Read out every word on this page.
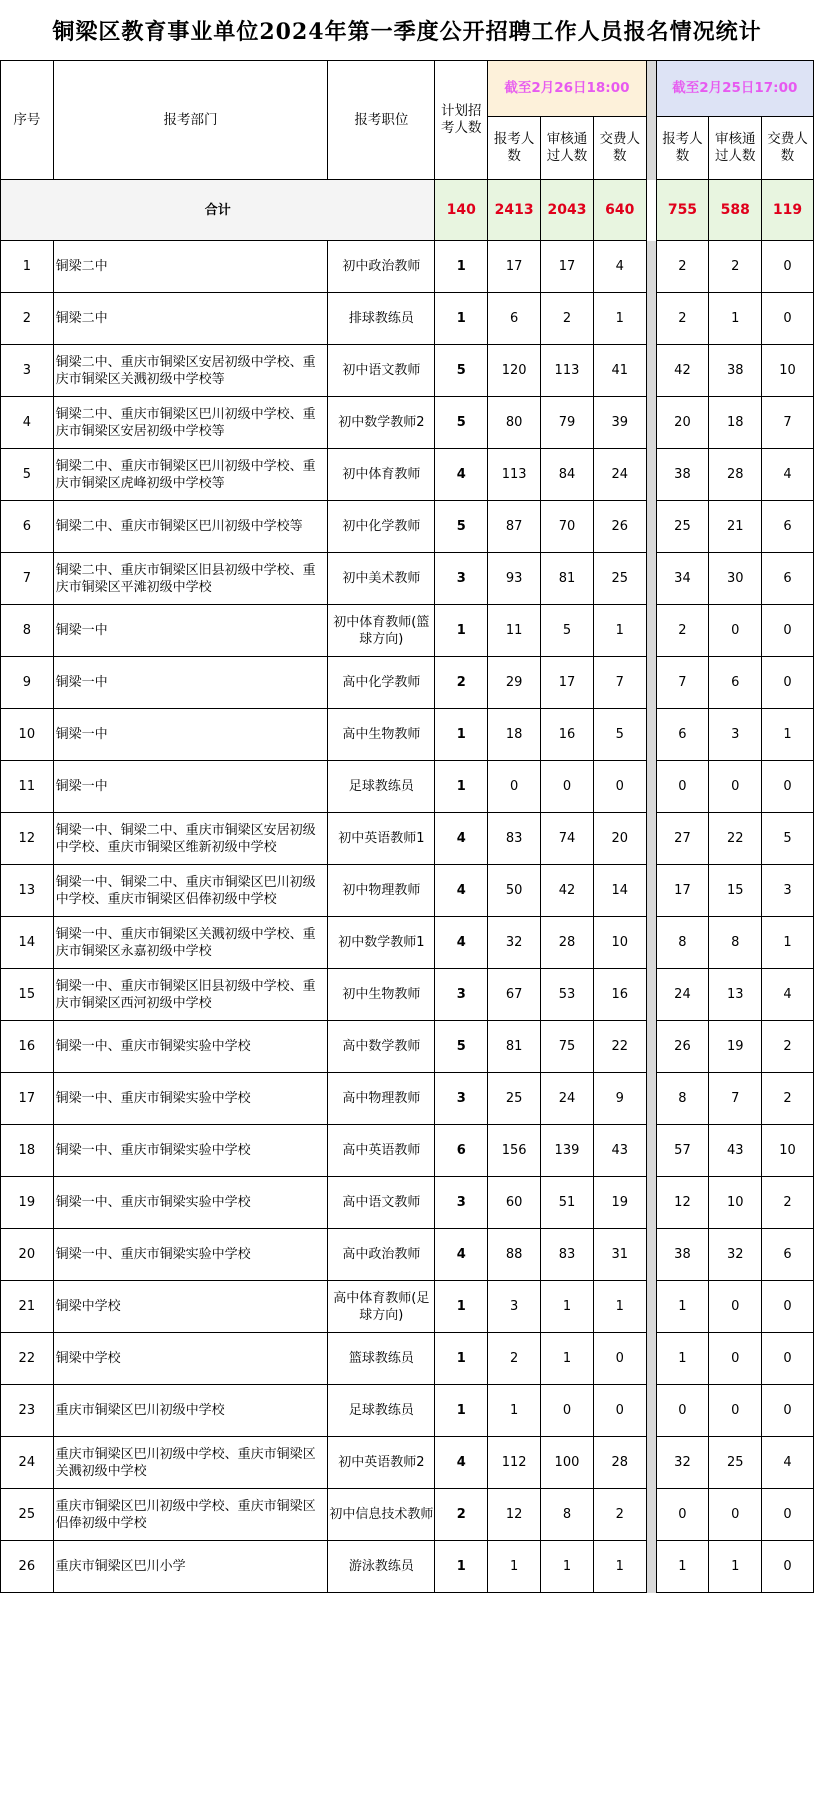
铜梁区教育事业单位2024年第一季度公开招聘工作人员报名情况统计
序号	报考部门	报考职位	计划招考人数	截至2月26日18:00				截至2月25日17:00		
				报考人数	审核通过人数	交费人数		报考人数	审核通过人数	交费人数
合计			140	2413	2043	640		755	588	119
1	铜梁二中	初中政治教师	1	17	17	4		2	2	0
2	铜梁二中	排球教练员	1	6	2	1		2	1	0
3	铜梁二中、重庆市铜梁区安居初级中学校、重庆市铜梁区关溅初级中学校等	初中语文教师	5	120	113	41		42	38	10
4	铜梁二中、重庆市铜梁区巴川初级中学校、重庆市铜梁区安居初级中学校等	初中数学教师2	5	80	79	39		20	18	7
5	铜梁二中、重庆市铜梁区巴川初级中学校、重庆市铜梁区虎峰初级中学校等	初中体育教师	4	113	84	24		38	28	4
6	铜梁二中、重庆市铜梁区巴川初级中学校等	初中化学教师	5	87	70	26		25	21	6
7	铜梁二中、重庆市铜梁区旧县初级中学校、重庆市铜梁区平滩初级中学校	初中美术教师	3	93	81	25		34	30	6
8	铜梁一中	初中体育教师(篮球方向)	1	11	5	1		2	0	0
9	铜梁一中	高中化学教师	2	29	17	7		7	6	0
10	铜梁一中	高中生物教师	1	18	16	5		6	3	1
11	铜梁一中	足球教练员	1	0	0	0		0	0	0
12	铜梁一中、铜梁二中、重庆市铜梁区安居初级中学校、重庆市铜梁区维新初级中学校	初中英语教师1	4	83	74	20		27	22	5
13	铜梁一中、铜梁二中、重庆市铜梁区巴川初级中学校、重庆市铜梁区侣俸初级中学校	初中物理教师	4	50	42	14		17	15	3
14	铜梁一中、重庆市铜梁区关溅初级中学校、重庆市铜梁区永嘉初级中学校	初中数学教师1	4	32	28	10		8	8	1
15	铜梁一中、重庆市铜梁区旧县初级中学校、重庆市铜梁区西河初级中学校	初中生物教师	3	67	53	16		24	13	4
16	铜梁一中、重庆市铜梁实验中学校	高中数学教师	5	81	75	22		26	19	2
17	铜梁一中、重庆市铜梁实验中学校	高中物理教师	3	25	24	9		8	7	2
18	铜梁一中、重庆市铜梁实验中学校	高中英语教师	6	156	139	43		57	43	10
19	铜梁一中、重庆市铜梁实验中学校	高中语文教师	3	60	51	19		12	10	2
20	铜梁一中、重庆市铜梁实验中学校	高中政治教师	4	88	83	31		38	32	6
21	铜梁中学校	高中体育教师(足球方向)	1	3	1	1		1	0	0
22	铜梁中学校	篮球教练员	1	2	1	0		1	0	0
23	重庆市铜梁区巴川初级中学校	足球教练员	1	1	0	0		0	0	0
24	重庆市铜梁区巴川初级中学校、重庆市铜梁区关溅初级中学校	初中英语教师2	4	112	100	28		32	25	4
25	重庆市铜梁区巴川初级中学校、重庆市铜梁区侣俸初级中学校	初中信息技术教师	2	12	8	2		0	0	0
26	重庆市铜梁区巴川小学	游泳教练员	1	1	1	1		1	1	0
